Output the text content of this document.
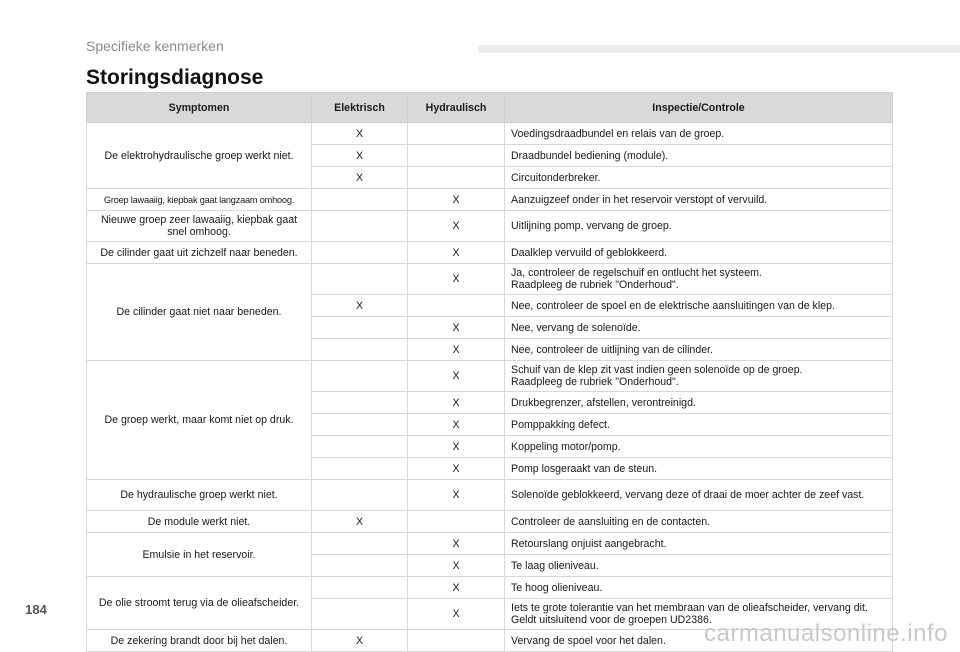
Specifieke kenmerken
Storingsdiagnose
Symptomen	Elektrisch	Hydraulisch	Inspectie/Controle
De elektrohydraulische groep werkt niet.	X		Voedingsdraadbundel en relais van de groep.
	X		Draadbundel bediening (module).
	X		Circuitonderbreker.
Groep lawaaiig, kiepbak gaat langzaam omhoog.		X	Aanzuigzeef onder in het reservoir verstopt of vervuild.
Nieuwe groep zeer lawaaiig, kiepbak gaat snel omhoog.		X	Uitlijning pomp, vervang de groep.
De cilinder gaat uit zichzelf naar beneden.		X	Daalklep vervuild of geblokkeerd.
De cilinder gaat niet naar beneden.		X	Ja, controleer de regelschuif en ontlucht het systeem.
Raadpleeg de rubriek "Onderhoud".
	X		Nee, controleer de spoel en de elektrische aansluitingen van de klep.
		X	Nee, vervang de solenoïde.
		X	Nee, controleer de uitlijning van de cilinder.
De groep werkt, maar komt niet op druk.		X	Schuif van de klep zit vast indien geen solenoïde op de groep.
Raadpleeg de rubriek "Onderhoud".
		X	Drukbegrenzer, afstellen, verontreinigd.
		X	Pomppakking defect.
		X	Koppeling motor/pomp.
		X	Pomp losgeraakt van de steun.
De hydraulische groep werkt niet.		X	Solenoïde geblokkeerd, vervang deze of draai de moer achter de zeef vast.
De module werkt niet.	X		Controleer de aansluiting en de contacten.
Emulsie in het reservoir.		X	Retourslang onjuist aangebracht.
		X	Te laag olieniveau.
De olie stroomt terug via de olieafscheider.		X	Te hoog olieniveau.
		X	Iets te grote tolerantie van het membraan van de olieafscheider, vervang dit.
Geldt uitsluitend voor de groepen UD2386.
De zekering brandt door bij het dalen.	X		Vervang de spoel voor het dalen.
184
carmanualsonline.info
